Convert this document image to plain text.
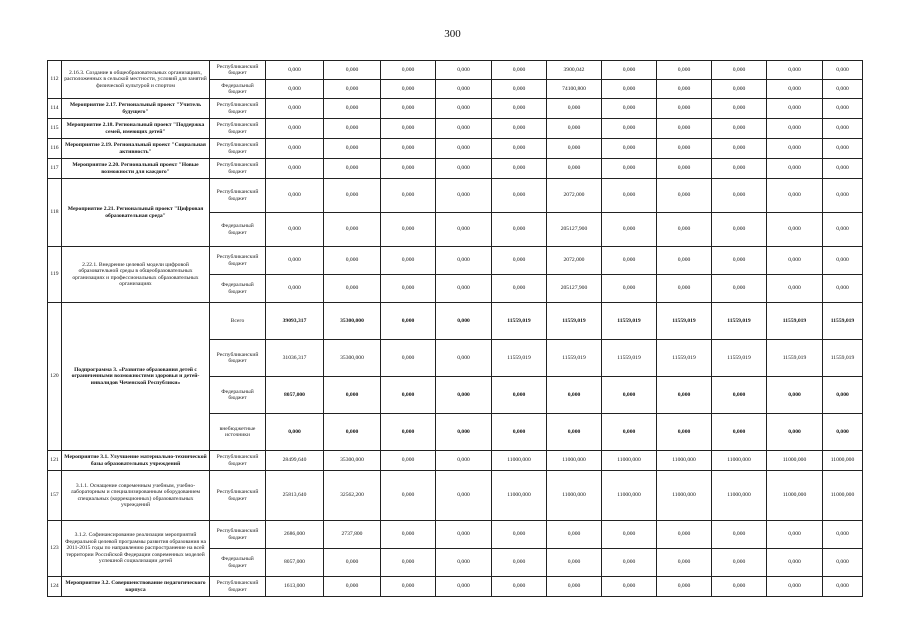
300
112	2.16.3. Создание в общеобразовательных организациях, расположенных в сельской местности, условий для занятий физической культурой и спортом	Республиканский бюджет	0,000	0,000	0,000	0,000	0,000	3900,042	0,000	0,000	0,000	0,000	0,000
		Федеральный бюджет	0,000	0,000	0,000	0,000	0,000	74100,800	0,000	0,000	0,000	0,000	0,000
114	Мероприятие 2.17. Региональный проект "Учитель будущего"	Республиканский бюджет	0,000	0,000	0,000	0,000	0,000	0,000	0,000	0,000	0,000	0,000	0,000
115	Мероприятие 2.18. Региональный проект "Поддержка семей, имеющих детей"	Республиканский бюджет	0,000	0,000	0,000	0,000	0,000	0,000	0,000	0,000	0,000	0,000	0,000
116	Мероприятие 2.19. Региональный проект "Социальная активность"	Республиканский бюджет	0,000	0,000	0,000	0,000	0,000	0,000	0,000	0,000	0,000	0,000	0,000
117	Мероприятие 2.20. Региональный проект "Новые возможности для каждого"	Республиканский бюджет	0,000	0,000	0,000	0,000	0,000	0,000	0,000	0,000	0,000	0,000	0,000
118	Мероприятие 2.21. Региональный проект "Цифровая образовательная среда"	Республиканский бюджет	0,000	0,000	0,000	0,000	0,000	2072,000	0,000	0,000	0,000	0,000	0,000
		Федеральный бюджет	0,000	0,000	0,000	0,000	0,000	205127,900	0,000	0,000	0,000	0,000	0,000
119	2.22.1. Внедрение целевой модели цифровой образовательной среды в общеобразовательных организациях и профессиональных образовательных организациях	Республиканский бюджет	0,000	0,000	0,000	0,000	0,000	2072,000	0,000	0,000	0,000	0,000	0,000
		Федеральный бюджет	0,000	0,000	0,000	0,000	0,000	205127,900	0,000	0,000	0,000	0,000	0,000
120	Подпрограмма 3. «Развитие образования детей с ограниченными возможностями здоровья и детей-инвалидов Чеченской Республики»	Всего	39093,317	35300,000	0,000	0,000	11559,019	11559,019	11559,019	11559,019	11559,019	11559,019	11559,019
		Республиканский бюджет	31036,317	35300,000	0,000	0,000	11559,019	11559,019	11559,019	11559,019	11559,019	11559,019	11559,019
		Федеральный бюджет	8057,000	0,000	0,000	0,000	0,000	0,000	0,000	0,000	0,000	0,000	0,000
		внебюджетные источники	0,000	0,000	0,000	0,000	0,000	0,000	0,000	0,000	0,000	0,000	0,000
121	Мероприятие 3.1. Улучшение материально-технической базы образовательных учреждений	Республиканский бюджет	28499,640	35300,000	0,000	0,000	11000,000	11000,000	11000,000	11000,000	11000,000	11000,000	11000,000
157	3.1.1. Оснащение современным учебным, учебно-лабораторным и специализированным оборудованием специальных (коррекционных) образовательных учреждений	Республиканский бюджет	25813,640	32562,200	0,000	0,000	11000,000	11000,000	11000,000	11000,000	11000,000	11000,000	11000,000
123	3.1.2. Софинансирование реализации мероприятий Федеральной целевой программы развития образования на 2011-2015 годы по направлению распространение на всей территории Российской Федерации современных моделей успешной социализации детей	Республиканский бюджет	2686,000	2737,800	0,000	0,000	0,000	0,000	0,000	0,000	0,000	0,000	0,000
		Федеральный бюджет	8057,000	0,000	0,000	0,000	0,000	0,000	0,000	0,000	0,000	0,000	0,000
124	Мероприятие 3.2. Совершенствование педагогического корпуса	Республиканский бюджет	1613,000	0,000	0,000	0,000	0,000	0,000	0,000	0,000	0,000	0,000	0,000
